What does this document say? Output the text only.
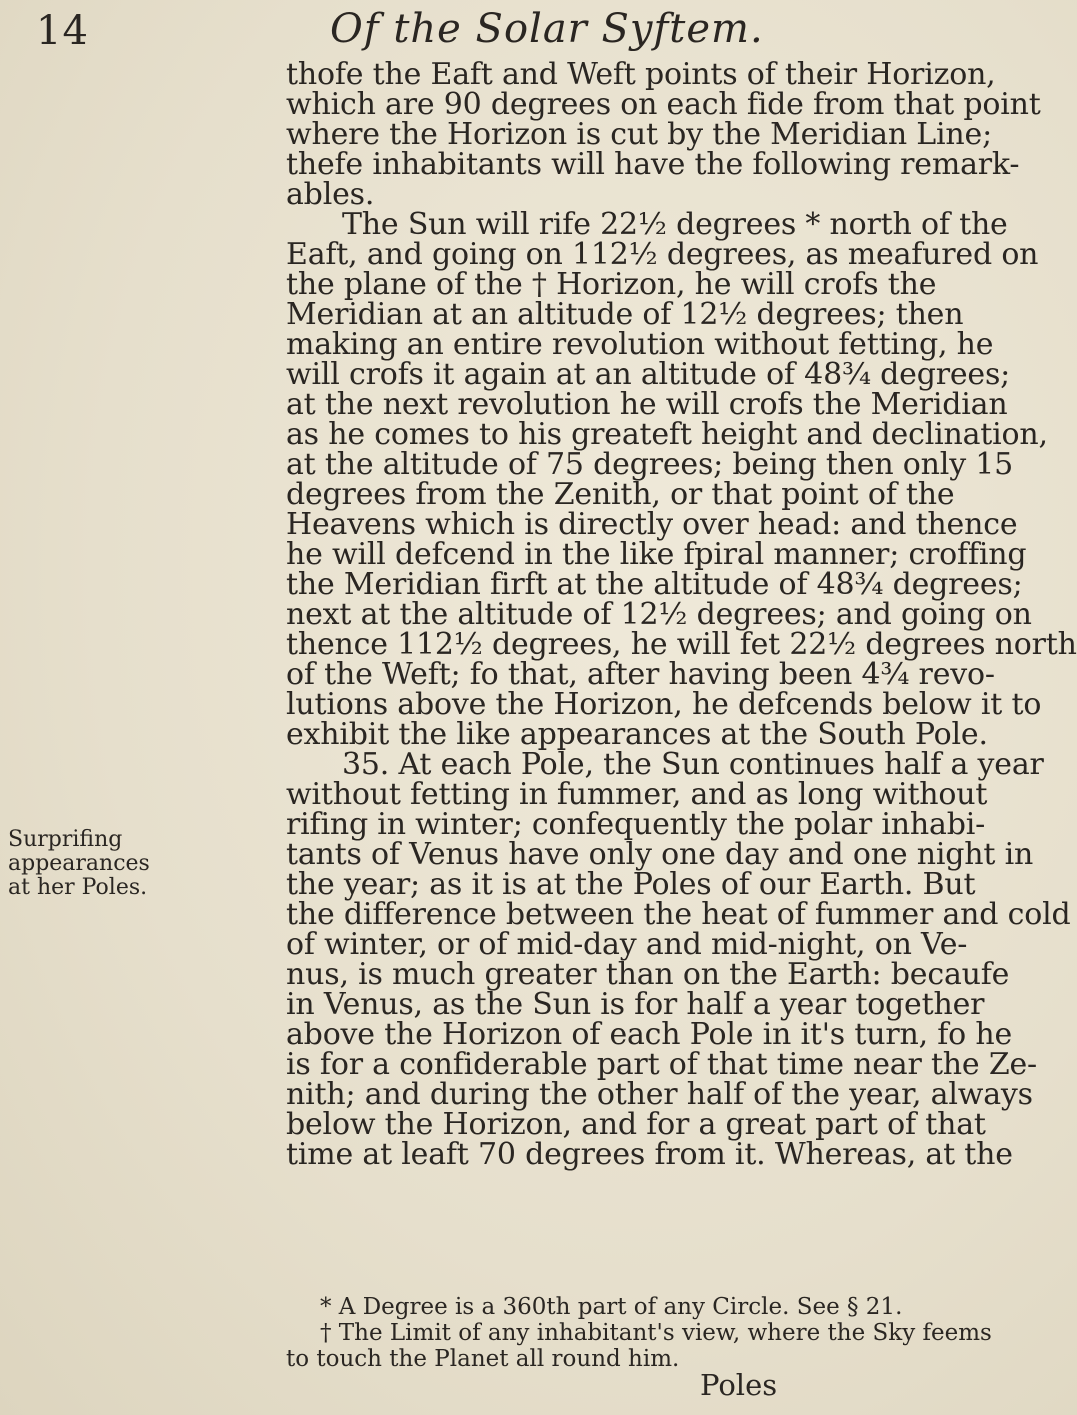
14	Of the Solar Syftem.
Surprifing
appearances
at her Poles.
thofe the Eaft and Weft points of their Horizon,
which are 90 degrees on each fide from that point
where the Horizon is cut by the Meridian Line;
thefe inhabitants will have the following remark-
ables.
The Sun will rife 22½ degrees * north of the
Eaft, and going on 112½ degrees, as meafured on
the plane of the † Horizon, he will crofs the
Meridian at an altitude of 12½ degrees; then
making an entire revolution without fetting, he
will crofs it again at an altitude of 48¾ degrees;
at the next revolution he will crofs the Meridian
as he comes to his greateft height and declination,
at the altitude of 75 degrees; being then only 15
degrees from the Zenith, or that point of the
Heavens which is directly over head: and thence
he will defcend in the like fpiral manner; croffing
the Meridian firft at the altitude of 48¾ degrees;
next at the altitude of 12½ degrees; and going on
thence 112½ degrees, he will fet 22½ degrees north
of the Weft; fo that, after having been 4¾ revo-
lutions above the Horizon, he defcends below it to
exhibit the like appearances at the South Pole.
35. At each Pole, the Sun continues half a year
without fetting in fummer, and as long without
rifing in winter; confequently the polar inhabi-
tants of Venus have only one day and one night in
the year; as it is at the Poles of our Earth. But
the difference between the heat of fummer and cold
of winter, or of mid-day and mid-night, on Ve-
nus, is much greater than on the Earth: becaufe
in Venus, as the Sun is for half a year together
above the Horizon of each Pole in it's turn, fo he
is for a confiderable part of that time near the Ze-
nith; and during the other half of the year, always
below the Horizon, and for a great part of that
time at leaft 70 degrees from it. Whereas, at the
* A Degree is a 360th part of any Circle. See § 21.
† The Limit of any inhabitant's view, where the Sky feems
to touch the Planet all round him.
Poles
